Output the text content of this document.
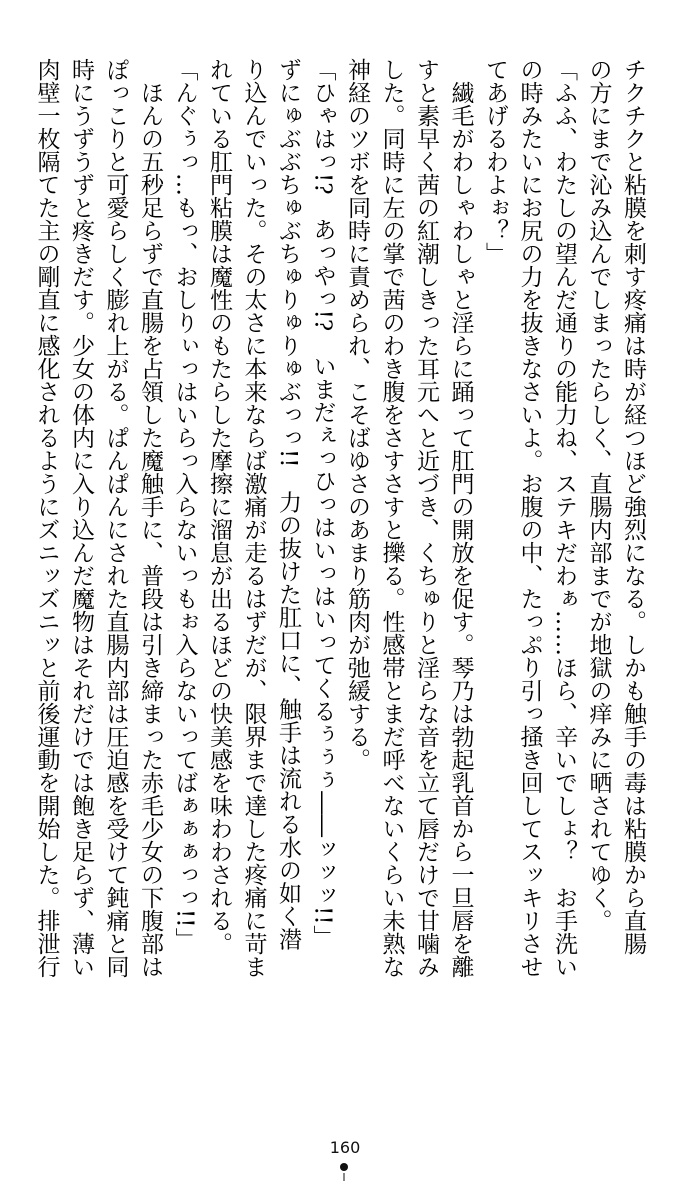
チクチクと粘膜を刺す疼痛は時が経つほど強烈になる。しかも触手の毒は粘膜から直腸

の方にまで沁み込んでしまったらしく、直腸内部までが地獄の痒みに晒されてゆく。

「ふふ、わたしの望んだ通りの能力ね、ステキだわぁ……ほら、辛いでしょ？　お手洗い

の時みたいにお尻の力を抜きなさいよ。お腹の中、たっぷり引っ掻き回してスッキリさせ

てあげるわよぉ？」

　繊毛がわしゃわしゃと淫らに踊って肛門の開放を促す。琴乃は勃起乳首から一旦唇を離

すと素早く茜の紅潮しきった耳元へと近づき、くちゅりと淫らな音を立て唇だけで甘噛み

した。同時に左の掌で茜のわき腹をさすさすと擽る。性感帯とまだ呼べないくらい未熟な

神経のツボを同時に責められ、こそばゆさのあまり筋肉が弛緩する。

「ひゃはっ!?　あっやっ!?　いまだぇっひっはいっはいってくるぅぅぅ――ッッッ!!」

ずにゅぶぶちゅぶちゅりゅりゅぶっっ!!　力の抜けた肛口に、触手は流れる水の如く潜

り込んでいった。その太さに本来ならば激痛が走るはずだが、限界まで達した疼痛に苛ま

れている肛門粘膜は魔性のもたらした摩擦に溜息が出るほどの快美感を味わわされる。

「んぐぅっ…もっ、おしりぃっはいらっ入らないっもぉ入らないってばぁぁぁっっ!!」

　ほんの五秒足らずで直腸を占領した魔触手に、普段は引き締まった赤毛少女の下腹部は

ぽっこりと可愛らしく膨れ上がる。ぱんぱんにされた直腸内部は圧迫感を受けて鈍痛と同

時にうずうずと疼きだす。少女の体内に入り込んだ魔物はそれだけでは飽き足らず、薄い

肉壁一枚隔てた主の剛直に感化されるようにズニッズニッと前後運動を開始した。排泄行

160
